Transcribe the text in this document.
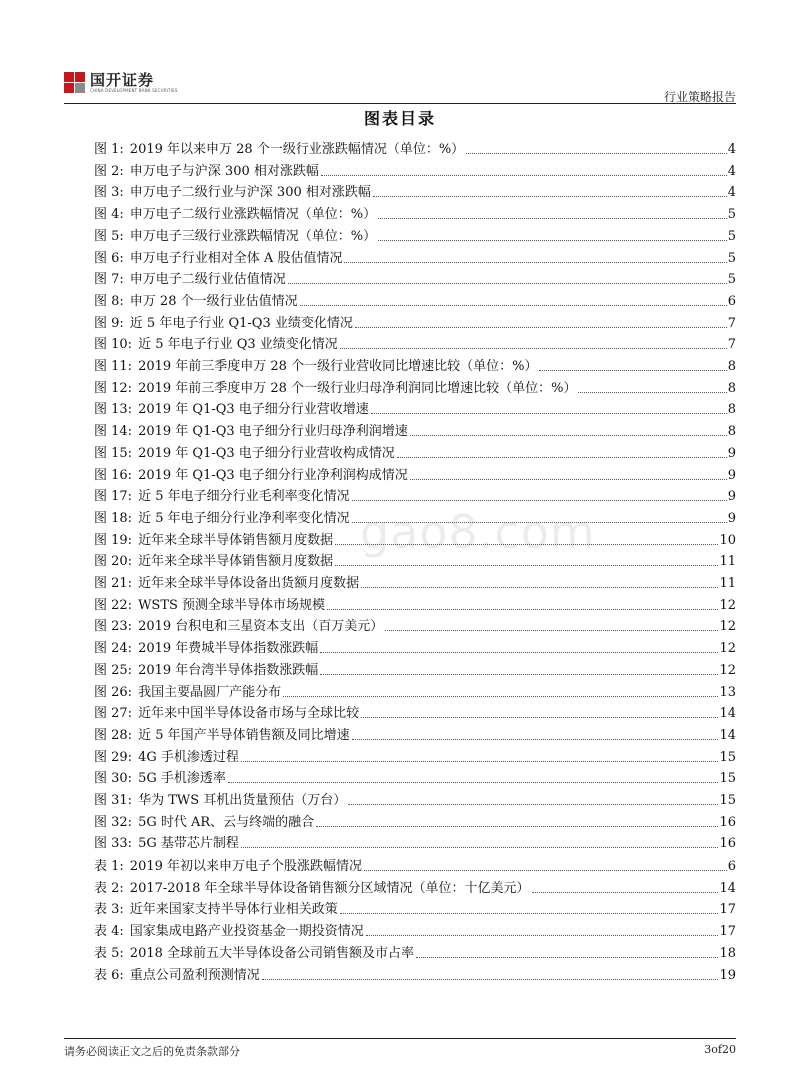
国开证券
CHINA DEVELOPMENT BANK SECURITIES	行业策略报告
图表目录
gao8.com
图 1: 2019 年以来申万 28 个一级行业涨跌幅情况（单位：%）	4
图 2: 申万电子与沪深 300 相对涨跌幅	4
图 3: 申万电子二级行业与沪深 300 相对涨跌幅	4
图 4: 申万电子二级行业涨跌幅情况（单位：%）	5
图 5: 申万电子三级行业涨跌幅情况（单位：%）	5
图 6: 申万电子行业相对全体 A 股估值情况	5
图 7: 申万电子二级行业估值情况	5
图 8: 申万 28 个一级行业估值情况	6
图 9: 近 5 年电子行业 Q1-Q3 业绩变化情况	7
图 10: 近 5 年电子行业 Q3 业绩变化情况	7
图 11: 2019 年前三季度申万 28 个一级行业营收同比增速比较（单位：%）	8
图 12: 2019 年前三季度申万 28 个一级行业归母净利润同比增速比较（单位：%）	8
图 13: 2019 年 Q1-Q3 电子细分行业营收增速	8
图 14: 2019 年 Q1-Q3 电子细分行业归母净利润增速	8
图 15: 2019 年 Q1-Q3 电子细分行业营收构成情况	9
图 16: 2019 年 Q1-Q3 电子细分行业净利润构成情况	9
图 17: 近 5 年电子细分行业毛利率变化情况	9
图 18: 近 5 年电子细分行业净利率变化情况	9
图 19: 近年来全球半导体销售额月度数据	10
图 20: 近年来全球半导体销售额月度数据	11
图 21: 近年来全球半导体设备出货额月度数据	11
图 22: WSTS 预测全球半导体市场规模	12
图 23: 2019 台积电和三星资本支出（百万美元）	12
图 24: 2019 年费城半导体指数涨跌幅	12
图 25: 2019 年台湾半导体指数涨跌幅	12
图 26: 我国主要晶圆厂产能分布	13
图 27: 近年来中国半导体设备市场与全球比较	14
图 28: 近 5 年国产半导体销售额及同比增速	14
图 29: 4G 手机渗透过程	15
图 30: 5G 手机渗透率	15
图 31: 华为 TWS 耳机出货量预估（万台）	15
图 32: 5G 时代 AR、云与终端的融合	16
图 33: 5G 基带芯片制程	16
表 1: 2019 年初以来申万电子个股涨跌幅情况	6
表 2: 2017-2018 年全球半导体设备销售额分区域情况（单位：十亿美元）	14
表 3: 近年来国家支持半导体行业相关政策	17
表 4: 国家集成电路产业投资基金一期投资情况	17
表 5: 2018 全球前五大半导体设备公司销售额及市占率	18
表 6: 重点公司盈利预测情况	19
请务必阅读正文之后的免责条款部分	3of20
